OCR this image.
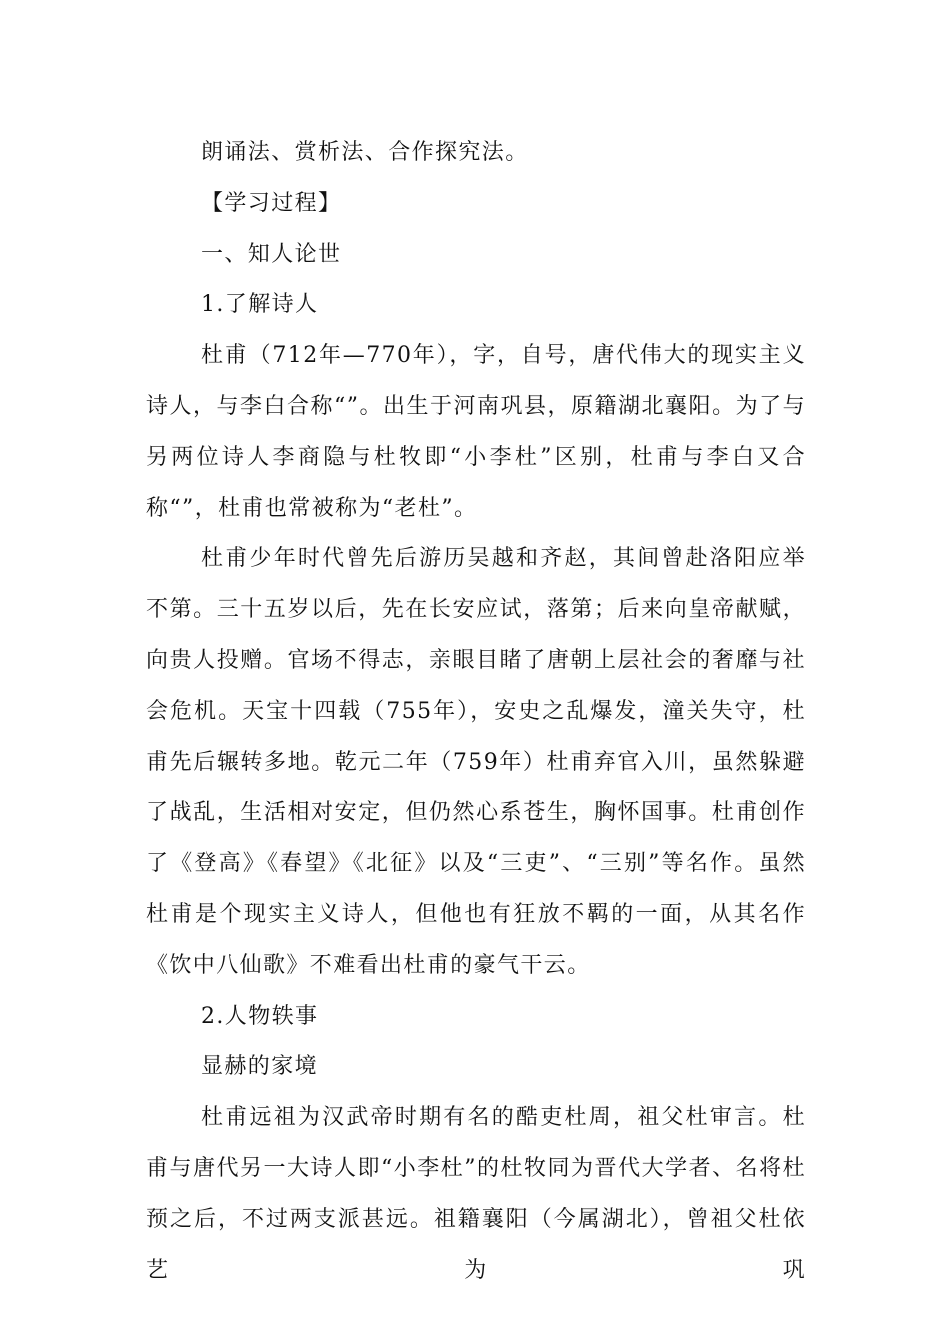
朗诵法、赏析法、合作探究法。
【学习过程】
一、知人论世
1.了解诗人

杜甫（712年—770年），字，自号，唐代伟大的现实主义诗人，与李白合称“”。出生于河南巩县，原籍湖北襄阳。为了与另两位诗人李商隐与杜牧即“小李杜”区别，杜甫与李白又合称“”，杜甫也常被称为“老杜”。

杜甫少年时代曾先后游历吴越和齐赵，其间曾赴洛阳应举不第。三十五岁以后，先在长安应试，落第；后来向皇帝献赋，向贵人投赠。官场不得志，亲眼目睹了唐朝上层社会的奢靡与社会危机。天宝十四载（755年），安史之乱爆发，潼关失守，杜甫先后辗转多地。乾元二年（759年）杜甫弃官入川，虽然躲避了战乱，生活相对安定，但仍然心系苍生，胸怀国事。杜甫创作了《登高》《春望》《北征》以及“三吏”、“三别”等名作。虽然杜甫是个现实主义诗人，但他也有狂放不羁的一面，从其名作《饮中八仙歌》不难看出杜甫的豪气干云。

2.人物轶事
显赫的家境

杜甫远祖为汉武帝时期有名的酷吏杜周，祖父杜审言。杜甫与唐代另一大诗人即“小李杜”的杜牧同为晋代大学者、名将杜预之后，不过两支派甚远。祖籍襄阳（今属湖北），曾祖父杜依艺为巩
